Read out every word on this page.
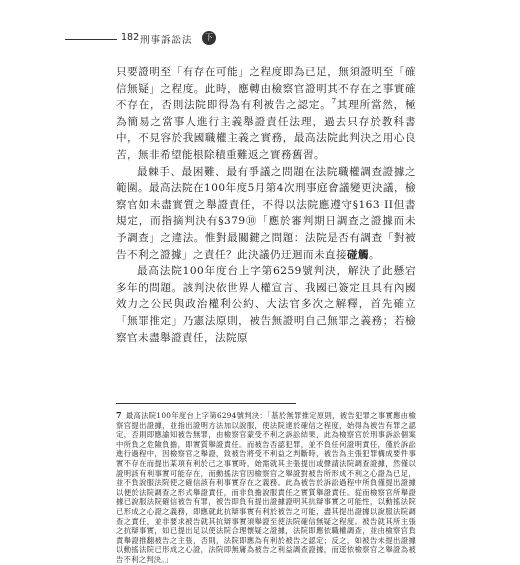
182 刑事訴訟法	下

只要證明至「有存在可能」之程度即為已足，無須證明至「確信無疑」之程度。此時，應轉由檢察官證明其不存在之事實確不存在，否則法院即得為有利被告之認定。$^7$其理所當然，極為簡易之當事人進行主義舉證責任法理，過去只存於教科書中，不見容於我國職權主義之實務，最高法院此判決之用心良苦，無非希望能根除積重難返之實務舊習。

最棘手、最困難、最有爭議之問題在法院職權調查證據之範圍。最高法院在100年度5月第4次刑事庭會議變更決議，檢察官如未盡實質之舉證責任，不得以法院應遵守§163 II但書規定，而指摘判決有§379⑩「應於審判期日調查之證據而未予調查」之違法。惟對最關鍵之問題：法院是否有調查「對被告不利之證據」之責任？此決議仍迂迴而未直接碰觸。

最高法院100年度台上字第6259號判決，解決了此懸宕多年的問題。該判決依世界人權宣言、我國已簽定且具有內國效力之公民與政治權利公約、大法官多次之解釋，首先確立「無罪推定」乃憲法原則，被告無證明自己無罪之義務；若檢察官未盡舉證責任，法院原

7 最高法院100年度台上字第6294號判決：「基於無罪推定原則，被告犯罪之事實應由檢察官提出證據，並指出證明方法加以說服，使法院達於確信之程度，始得為被告有罪之認定，否則即應諭知被告無罪，由檢察官蒙受不利之訴訟結果，此為檢察官於刑事訴訟個案中所負之危險負擔，即實質舉證責任。而被告否認犯罪，並不負任何證明責任，僅於訴訟進行過程中，因檢察官之舉證，致被告將受不利益之判斷時，被告為主張犯罪構成要件事實不存在而提出某項有利於己之事實時，始需就其主張提出或聲請法院調查證據，然僅以證明該有利事實可能存在，而動搖法官因檢察官之舉證對被告所形成不利之心證為已足，並不負說服法院使之確信該有利事實存在之義務。此為被告於訴訟過程中所負僅提出證據以便於法院調查之形式舉證責任，而非負擔說服責任之實質舉證責任。從而檢察官所舉證據已說服法院確信被告有罪，被告即負有提出證據證明其抗辯事實之可能性，以動搖法院已形成之心證之義務，即應就此抗辯事實有利於被告之可能，盡其提出證據以說服法院調查之責任，並非要求被告就其抗辯事實須舉證至使法院確信無疑之程度。被告就其所主張之抗辯事實，如已提出足以使法院合理懷疑之證據，法院即應依職權調查，並由檢察官負責舉證推翻被告之主張，否則，法院即應為有利於被告之認定；反之，如被告未提出證據以動搖法院已形成之心證，法院即無庸為被告之利益調查證據，而逕依檢察官之舉證為被告不利之判決。」
